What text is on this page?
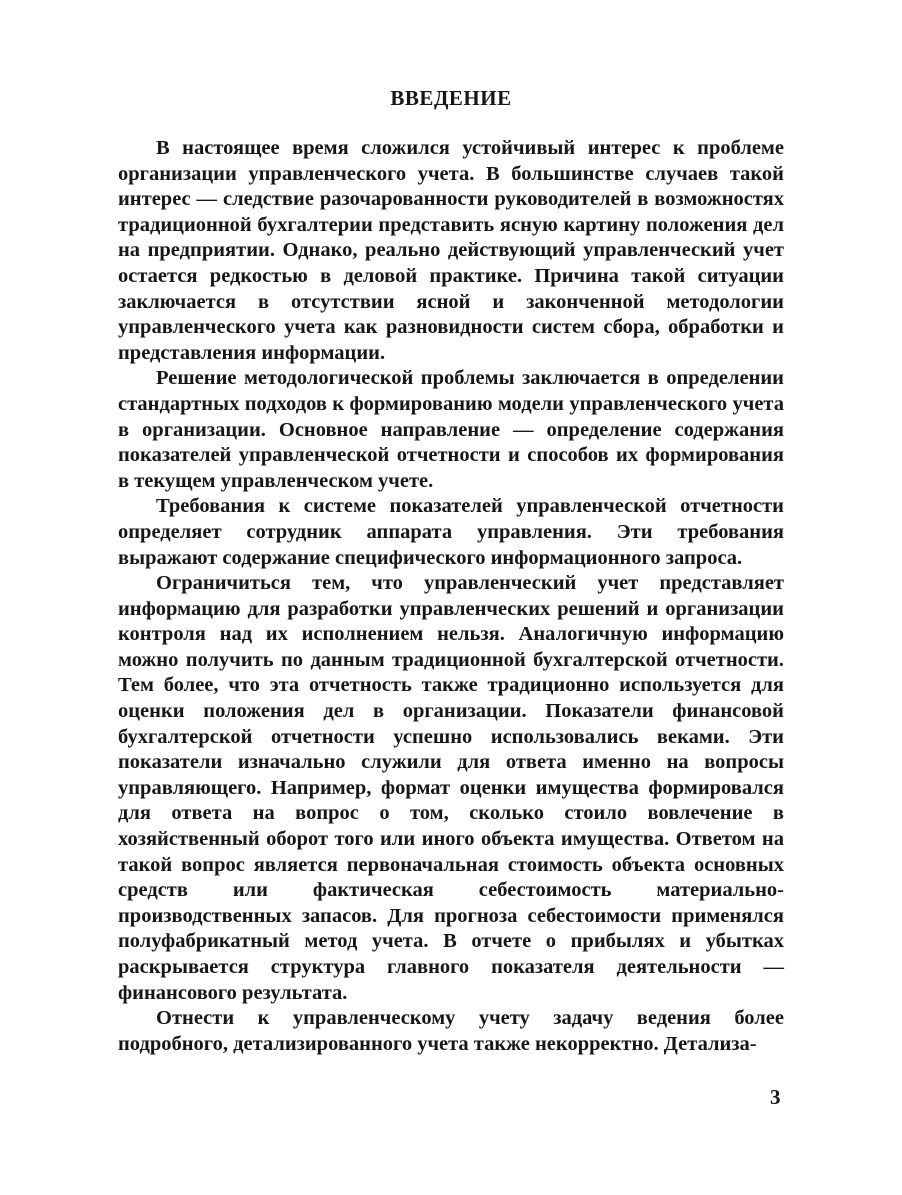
ВВЕДЕНИЕ

В настоящее время сложился устойчивый интерес к проблеме организации управленческого учета. В большинстве случаев такой интерес — следствие разочарованности руководителей в возможностях традиционной бухгалтерии представить ясную картину положения дел на предприятии. Однако, реально действующий управленческий учет остается редкостью в деловой практике. Причина такой ситуации заключается в отсутствии ясной и законченной методологии управленческого учета как разновидности систем сбора, обработки и представления информации.

Решение методологической проблемы заключается в определении стандартных подходов к формированию модели управленческого учета в организации. Основное направление — определение содержания показателей управленческой отчетности и способов их формирования в текущем управленческом учете.

Требования к системе показателей управленческой отчетности определяет сотрудник аппарата управления. Эти требования выражают содержание специфического информационного запроса.

Ограничиться тем, что управленческий учет представляет информацию для разработки управленческих решений и организации контроля над их исполнением нельзя. Аналогичную информацию можно получить по данным традиционной бухгалтерской отчетности. Тем более, что эта отчетность также традиционно используется для оценки положения дел в организации. Показатели финансовой бухгалтерской отчетности успешно использовались веками. Эти показатели изначально служили для ответа именно на вопросы управляющего. Например, формат оценки имущества формировался для ответа на вопрос о том, сколько стоило вовлечение в хозяйственный оборот того или иного объекта имущества. Ответом на такой вопрос является первоначальная стоимость объекта основных средств или фактическая себестоимость материально-производственных запасов. Для прогноза себестоимости применялся полуфабрикатный метод учета. В отчете о прибылях и убытках раскрывается структура главного показателя деятельности — финансового результата.

Отнести к управленческому учету задачу ведения более подробного, детализированного учета также некорректно. Детализа-

3
